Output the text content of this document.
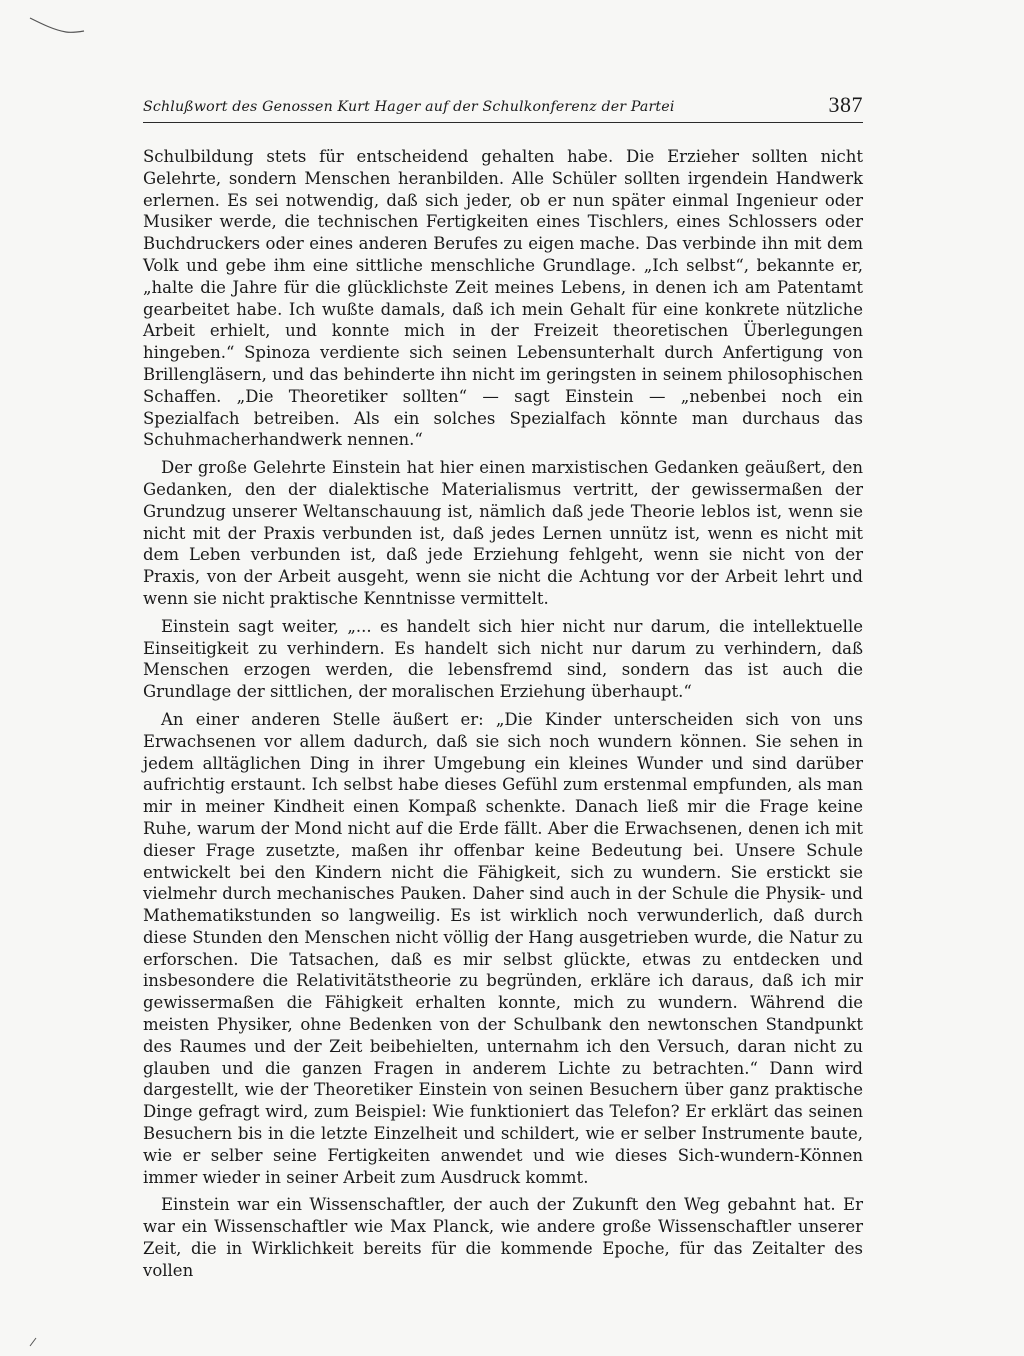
Schlußwort des Genossen Kurt Hager auf der Schulkonferenz der Partei	387

Schulbildung stets für entscheidend gehalten habe. Die Erzieher sollten nicht Gelehrte, sondern Menschen heranbilden. Alle Schüler sollten irgendein Handwerk erlernen. Es sei notwendig, daß sich jeder, ob er nun später einmal Ingenieur oder Musiker werde, die technischen Fertigkeiten eines Tischlers, eines Schlossers oder Buchdruckers oder eines anderen Berufes zu eigen mache. Das verbinde ihn mit dem Volk und gebe ihm eine sittliche menschliche Grundlage. „Ich selbst“, bekannte er, „halte die Jahre für die glücklichste Zeit meines Lebens, in denen ich am Patentamt gearbeitet habe. Ich wußte damals, daß ich mein Gehalt für eine konkrete nützliche Arbeit erhielt, und konnte mich in der Freizeit theoretischen Überlegungen hingeben.“ Spinoza verdiente sich seinen Lebensunterhalt durch Anfertigung von Brillengläsern, und das behinderte ihn nicht im geringsten in seinem philosophischen Schaffen. „Die Theoretiker sollten“ — sagt Einstein — „nebenbei noch ein Spezialfach betreiben. Als ein solches Spezialfach könnte man durchaus das Schuhmacherhandwerk nennen.“

Der große Gelehrte Einstein hat hier einen marxistischen Gedanken geäußert, den Gedanken, den der dialektische Materialismus vertritt, der gewissermaßen der Grundzug unserer Weltanschauung ist, nämlich daß jede Theorie leblos ist, wenn sie nicht mit der Praxis verbunden ist, daß jedes Lernen unnütz ist, wenn es nicht mit dem Leben verbunden ist, daß jede Erziehung fehlgeht, wenn sie nicht von der Praxis, von der Arbeit ausgeht, wenn sie nicht die Achtung vor der Arbeit lehrt und wenn sie nicht praktische Kenntnisse vermittelt.

Einstein sagt weiter, „... es handelt sich hier nicht nur darum, die intellektuelle Einseitigkeit zu verhindern. Es handelt sich nicht nur darum zu verhindern, daß Menschen erzogen werden, die lebensfremd sind, sondern das ist auch die Grundlage der sittlichen, der moralischen Erziehung überhaupt.“

An einer anderen Stelle äußert er: „Die Kinder unterscheiden sich von uns Erwachsenen vor allem dadurch, daß sie sich noch wundern können. Sie sehen in jedem alltäglichen Ding in ihrer Umgebung ein kleines Wunder und sind darüber aufrichtig erstaunt. Ich selbst habe dieses Gefühl zum erstenmal empfunden, als man mir in meiner Kindheit einen Kompaß schenkte. Danach ließ mir die Frage keine Ruhe, warum der Mond nicht auf die Erde fällt. Aber die Erwachsenen, denen ich mit dieser Frage zusetzte, maßen ihr offenbar keine Bedeutung bei. Unsere Schule entwickelt bei den Kindern nicht die Fähigkeit, sich zu wundern. Sie erstickt sie vielmehr durch mechanisches Pauken. Daher sind auch in der Schule die Physik- und Mathematikstunden so langweilig. Es ist wirklich noch verwunderlich, daß durch diese Stunden den Menschen nicht völlig der Hang ausgetrieben wurde, die Natur zu erforschen. Die Tatsachen, daß es mir selbst glückte, etwas zu entdecken und insbesondere die Relativitätstheorie zu begründen, erkläre ich daraus, daß ich mir gewissermaßen die Fähigkeit erhalten konnte, mich zu wundern. Während die meisten Physiker, ohne Bedenken von der Schulbank den newtonschen Standpunkt des Raumes und der Zeit beibehielten, unternahm ich den Versuch, daran nicht zu glauben und die ganzen Fragen in anderem Lichte zu betrachten.“ Dann wird dargestellt, wie der Theoretiker Einstein von seinen Besuchern über ganz praktische Dinge gefragt wird, zum Beispiel: Wie funktioniert das Telefon? Er erklärt das seinen Besuchern bis in die letzte Einzelheit und schildert, wie er selber Instrumente baute, wie er selber seine Fertigkeiten anwendet und wie dieses Sich-wundern-Können immer wieder in seiner Arbeit zum Ausdruck kommt.

Einstein war ein Wissenschaftler, der auch der Zukunft den Weg gebahnt hat. Er war ein Wissenschaftler wie Max Planck, wie andere große Wissenschaftler unserer Zeit, die in Wirklichkeit bereits für die kommende Epoche, für das Zeitalter des vollen
